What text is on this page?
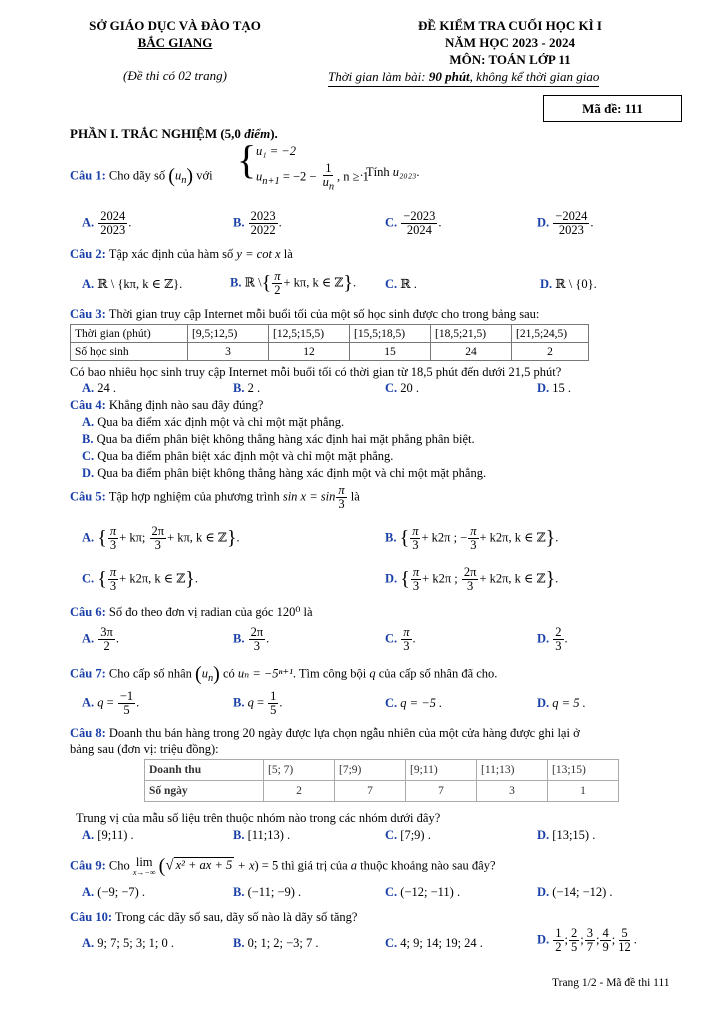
SỞ GIÁO DỤC VÀ ĐÀO TẠO
BẮC GIANG
(Đề thi có 02 trang)
ĐỀ KIỂM TRA CUỐI HỌC KÌ I
NĂM HỌC 2023 - 2024
MÔN: TOÁN LỚP 11
Thời gian làm bài: 90 phút, không kể thời gian giao
Mã đề: 111
PHẦN I. TRẮC NGHIỆM (5,0 điểm).
Câu 1: Cho dãy số $(u_n)$ với { u₁ = −2
$u_{n+1} = -2 - \frac{1}{u_n}$ , n ≥ 1
. Tính u₂₀₂₃.
A. $\frac{2024}{2023}$ .	B. $\frac{2023}{2022}$ .	C. $\frac{-2023}{2024}$ .	D. $\frac{-2024}{2023}$ .
Câu 2: Tập xác định của hàm số y = cot x là
A. ℝ \ {kπ, k ∈ ℤ}.	B. ℝ \{ $\frac{\pi}{2} + k\pi$, k ∈ ℤ}. C. ℝ .	D. ℝ \ {0}.
Câu 3: Thời gian truy cập Internet mỗi buổi tối của một số học sinh được cho trong bảng sau:
Thời gian (phút)	[9,5;12,5)	[12,5;15,5)	[15,5;18,5)	[18,5;21,5)	[21,5;24,5)
Số học sinh	3	12	15	24	2
Có bao nhiêu học sinh truy cập Internet mỗi buổi tối có thời gian từ 18,5 phút đến dưới 21,5 phút?
A. 24 .	B. 2 .	C. 20 .	D. 15 .
Câu 4: Khẳng định nào sau đây đúng?
A. Qua ba điểm xác định một và chỉ một mặt phẳng.
B. Qua ba điểm phân biệt không thẳng hàng xác định hai mặt phẳng phân biệt.
C. Qua ba điểm phân biệt xác định một và chỉ một mặt phẳng.
D. Qua ba điểm phân biệt không thẳng hàng xác định một và chỉ một mặt phẳng.
Câu 5: Tập hợp nghiệm của phương trình $\sin x = \sin \frac{\pi}{3}$ là
A. { $\frac{\pi}{3} + k\pi$; $\frac{2\pi}{3} + k\pi$, k ∈ ℤ}.	B. { $\frac{\pi}{3} + k2\pi$ ; − $\frac{\pi}{3} + k2\pi$, k ∈ ℤ}.
C. { $\frac{\pi}{3} + k2\pi$, k ∈ ℤ}.	D. { $\frac{\pi}{3} + k2\pi$ ; $\frac{2\pi}{3} + k2\pi$, k ∈ ℤ}.
Câu 6: Số đo theo đơn vị radian của góc 120⁰ là
A. $\frac{3\pi}{2}$ .	B. $\frac{2\pi}{3}$ .	C. $\frac{\pi}{3}$ .	D. $\frac{2}{3}$ .
Câu 7: Cho cấp số nhân $(u_n)$ có uₙ = −5ⁿ⁺¹. Tìm công bội q của cấp số nhân đã cho.
A. $q = \frac{-1}{5}$ .	B. $q = \frac{1}{5}$ .	C. q = −5 .	D. q = 5 .
Câu 8: Doanh thu bán hàng trong 20 ngày được lựa chọn ngẫu nhiên của một cửa hàng được ghi lại ở
bảng sau (đơn vị: triệu đồng):
Doanh thu	[5; 7)	[7;9)	[9;11)	[11;13)	[13;15)
Số ngày	2	7	7	3	1
Trung vị của mẫu số liệu trên thuộc nhóm nào trong các nhóm dưới đây?
A. [9;11) .	B. [11;13) .	C. [7;9) .	D. [13;15) .
Câu 9: Cho lim
x→−∞ (√ x² + ax + 5 + x) = 5 thì giá trị của a thuộc khoảng nào sau đây?
A. (−9; −7) .	B. (−11; −9) .	C. (−12; −11) .	D. (−14; −12) .
Câu 10: Trong các dãy số sau, dãy số nào là dãy số tăng?
A. 9; 7; 5; 3; 1; 0 .	B. 0; 1; 2; −3; 7 .	C. 4; 9; 14; 19; 24 .	D. $\frac{1}{2}$ ; $\frac{2}{5}$ ; $\frac{3}{7}$ ; $\frac{4}{9}$ ; $\frac{5}{12}$ .
Trang 1/2 - Mã đề thi 111
